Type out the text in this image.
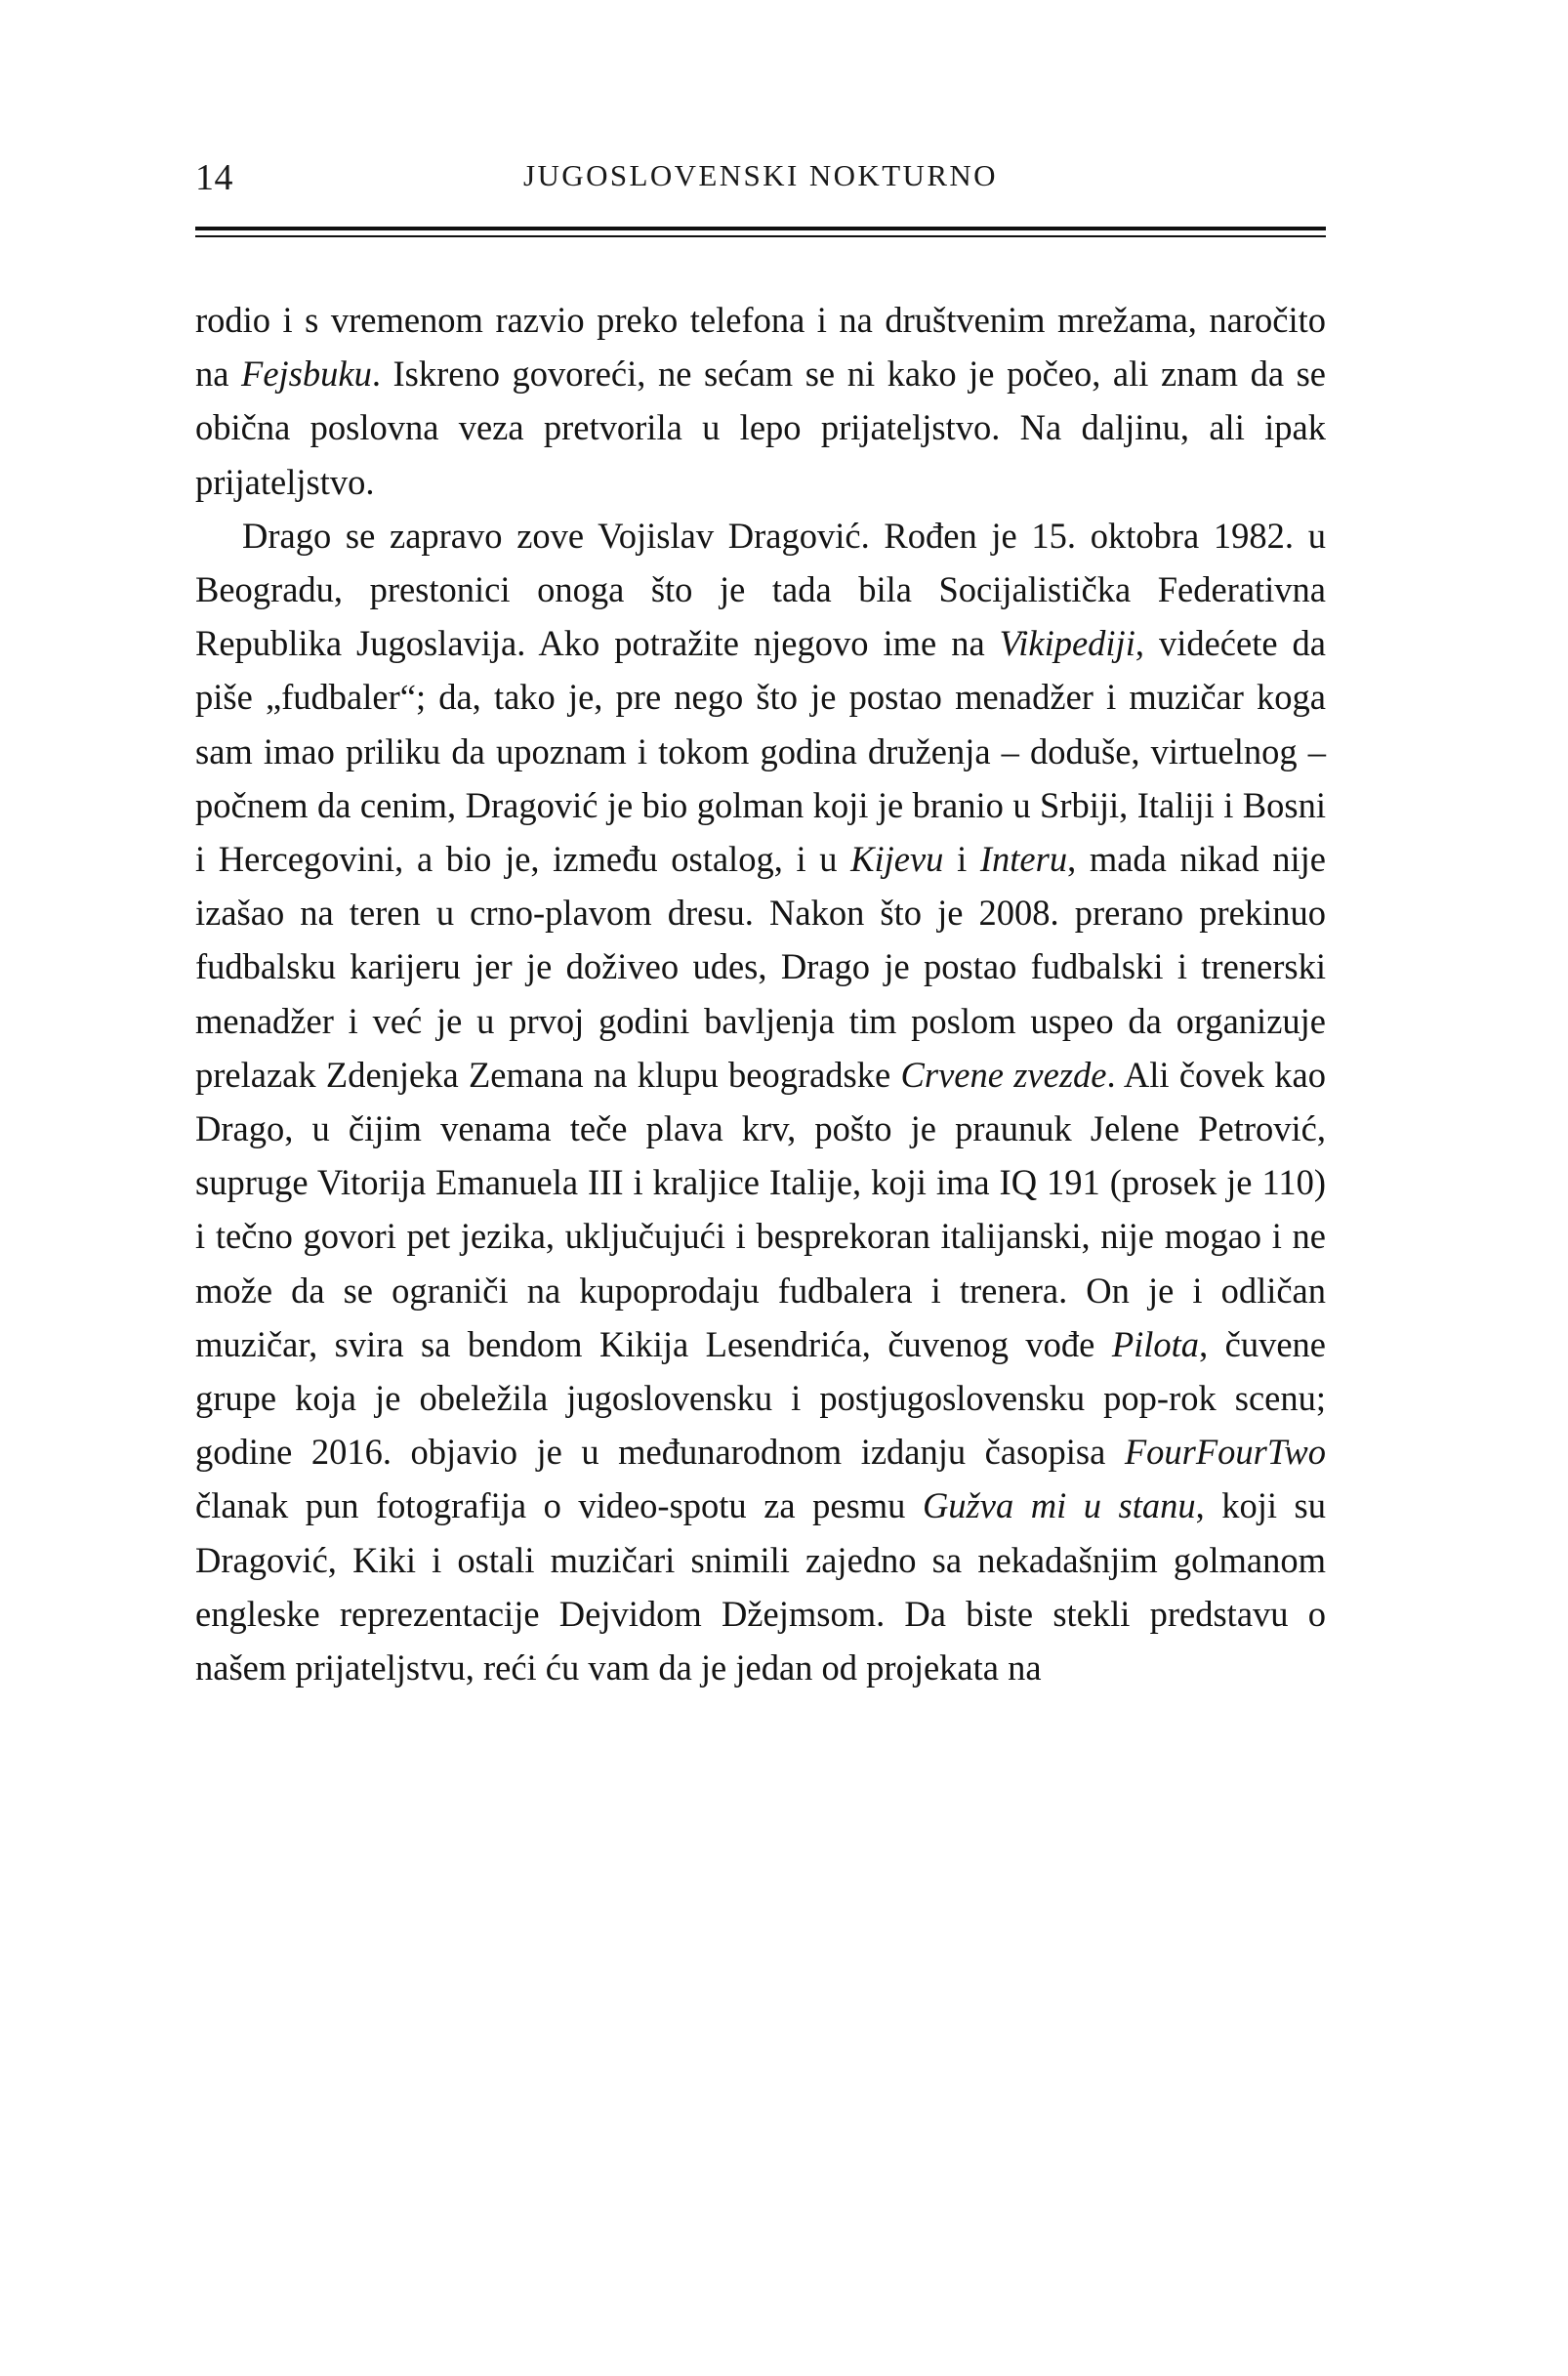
14	JUGOSLOVENSKI NOKTURNO

rodio i s vremenom razvio preko telefona i na društvenim mrežama, naročito na Fejsbuku. Iskreno govoreći, ne sećam se ni kako je počeo, ali znam da se obična poslovna veza pretvorila u lepo prijateljstvo. Na daljinu, ali ipak prijateljstvo.

Drago se zapravo zove Vojislav Dragović. Rođen je 15. oktobra 1982. u Beogradu, prestonici onoga što je tada bila Socijalistička Federativna Republika Jugoslavija. Ako potražite njegovo ime na Vikipediji, videćete da piše „fudbaler“; da, tako je, pre nego što je postao menadžer i muzičar koga sam imao priliku da upoznam i tokom godina druženja – doduše, virtuelnog – počnem da cenim, Dragović je bio golman koji je branio u Srbiji, Italiji i Bosni i Hercegovini, a bio je, između ostalog, i u Kijevu i Interu, mada nikad nije izašao na teren u crno-plavom dresu. Nakon što je 2008. prerano prekinuo fudbalsku karijeru jer je doživeo udes, Drago je postao fudbalski i trenerski menadžer i već je u prvoj godini bavljenja tim poslom uspeo da organizuje prelazak Zdenjeka Zemana na klupu beogradske Crvene zvezde. Ali čovek kao Drago, u čijim venama teče plava krv, pošto je praunuk Jelene Petrović, supruge Vitorija Emanuela III i kraljice Italije, koji ima IQ 191 (prosek je 110) i tečno govori pet jezika, uključujući i besprekoran italijanski, nije mogao i ne može da se ograniči na kupoprodaju fudbalera i trenera. On je i odličan muzičar, svira sa bendom Kikija Lesendrića, čuvenog vođe Pilota, čuvene grupe koja je obeležila jugoslovensku i postjugoslovensku pop-rok scenu; godine 2016. objavio je u međunarodnom izdanju časopisa FourFourTwo članak pun fotografija o video-spotu za pesmu Gužva mi u stanu, koji su Dragović, Kiki i ostali muzičari snimili zajedno sa nekadašnjim golmanom engleske reprezentacije Dejvidom Džejmsom. Da biste stekli predstavu o našem prijateljstvu, reći ću vam da je jedan od projekata na
